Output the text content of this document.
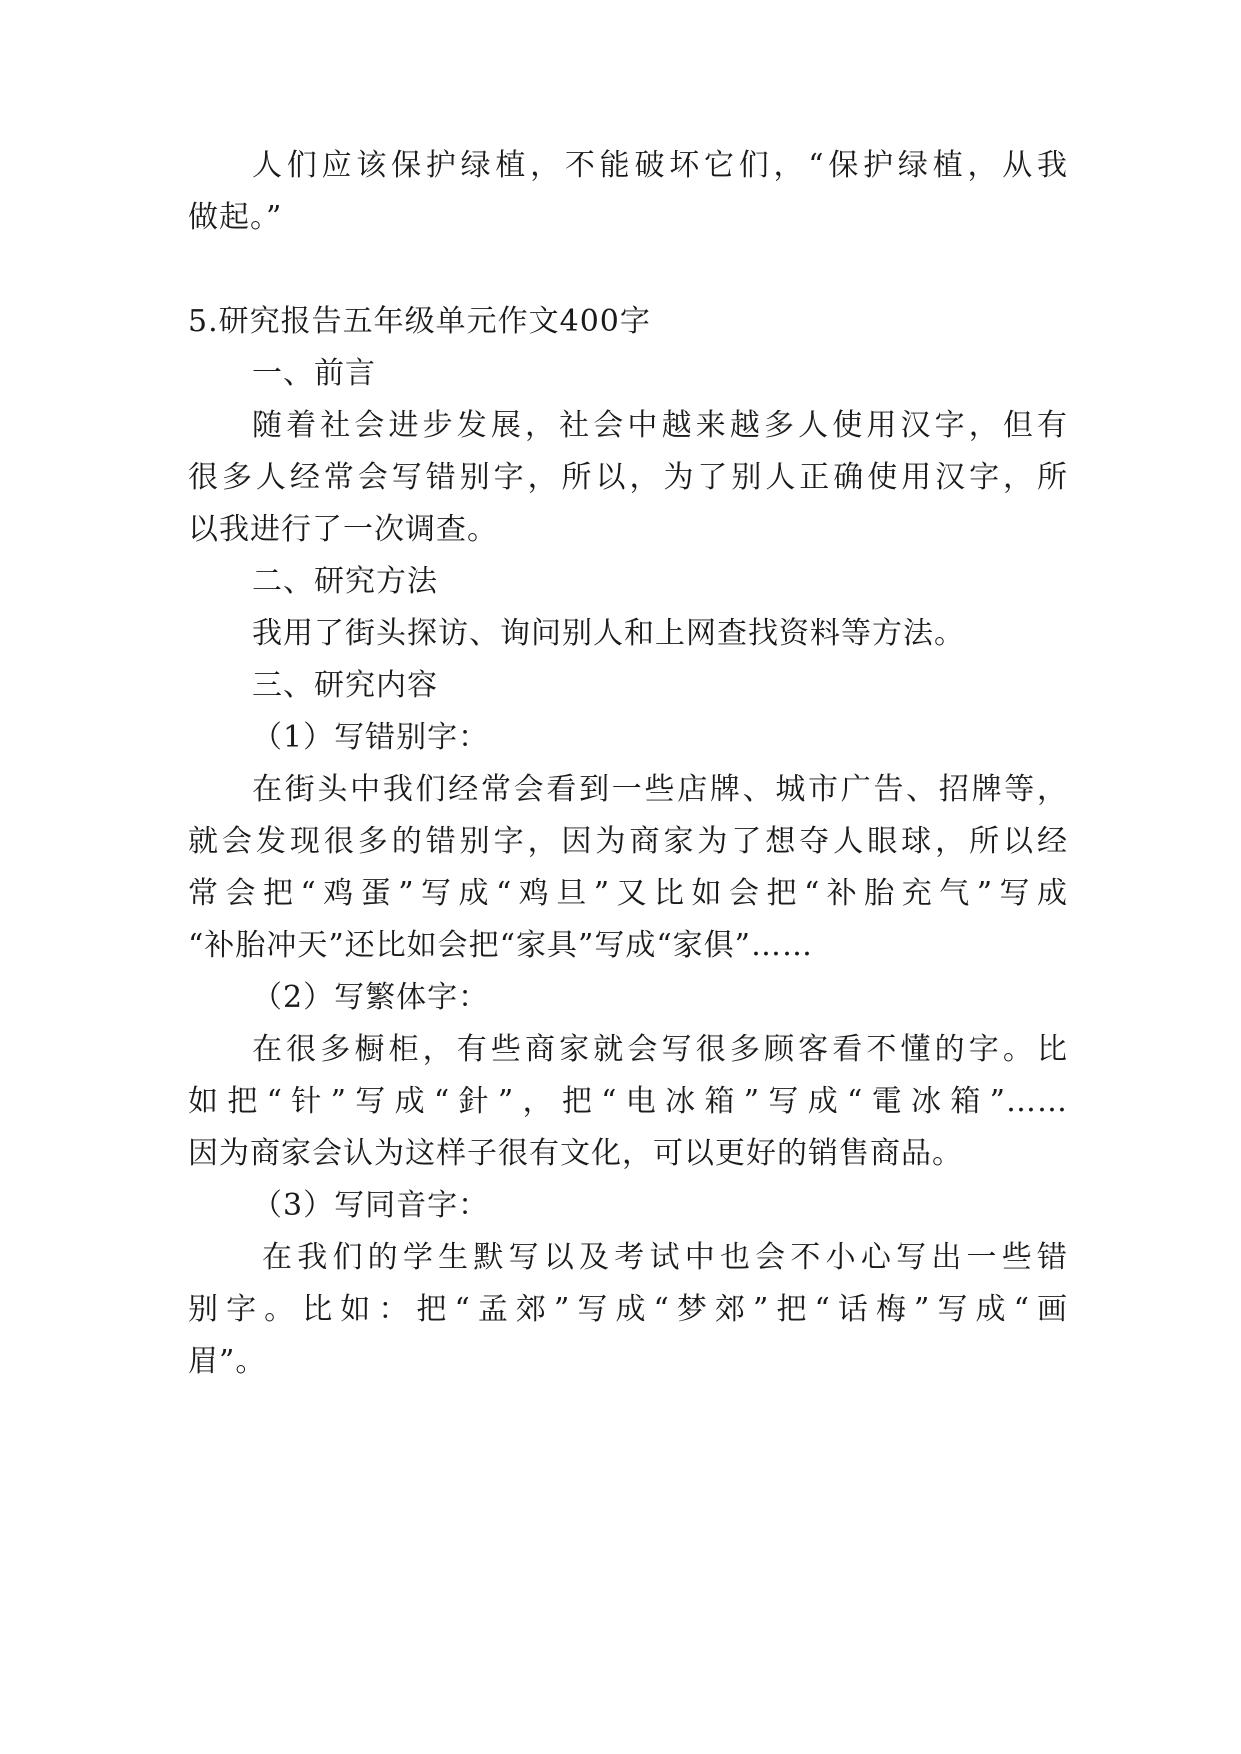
人们应该保护绿植，不能破坏它们，“保护绿植，从我
做起。”
5.研究报告五年级单元作文400字
一、前言
随着社会进步发展，社会中越来越多人使用汉字，但有
很多人经常会写错别字，所以，为了别人正确使用汉字，所
以我进行了一次调查。
二、研究方法
我用了街头探访、询问别人和上网查找资料等方法。
三、研究内容
（1）写错别字：
在街头中我们经常会看到一些店牌、城市广告、招牌等，
就会发现很多的错别字，因为商家为了想夺人眼球，所以经
常会把“鸡蛋”写成“鸡旦”又比如会把“补胎充气”写成
“补胎冲天”还比如会把“家具”写成“家俱”……
（2）写繁体字：
在很多橱柜，有些商家就会写很多顾客看不懂的字。比
如把“针”写成“針”，把“电冰箱”写成“電冰箱”……
因为商家会认为这样子很有文化，可以更好的销售商品。
（3）写同音字：
在我们的学生默写以及考试中也会不小心写出一些错
别字。比如：把“孟郊”写成“梦郊”把“话梅”写成“画
眉”。
